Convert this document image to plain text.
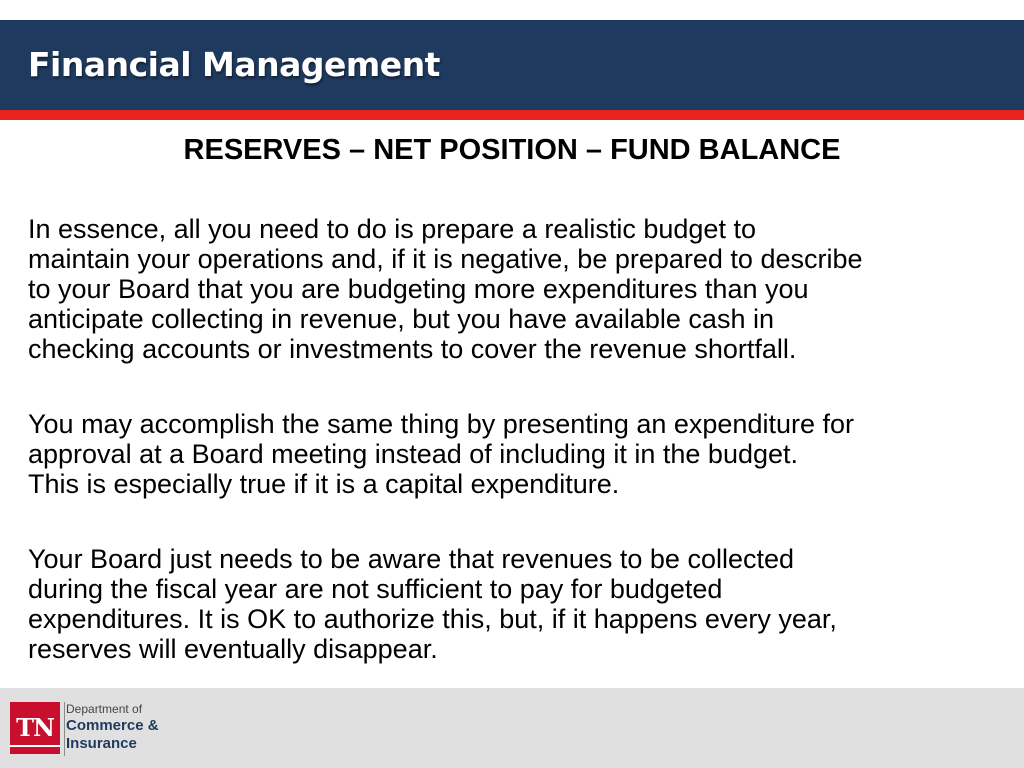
Financial Management
RESERVES – NET POSITION – FUND BALANCE
In essence, all you need to do is prepare a realistic budget to
maintain your operations and, if it is negative, be prepared to describe
to your Board that you are budgeting more expenditures than you
anticipate collecting in revenue, but you have available cash in
checking accounts or investments to cover the revenue shortfall.
You may accomplish the same thing by presenting an expenditure for
approval at a Board meeting instead of including it in the budget.
This is especially true if it is a capital expenditure.
Your Board just needs to be aware that revenues to be collected
during the fiscal year are not sufficient to pay for budgeted
expenditures. It is OK to authorize this, but, if it happens every year,
reserves will eventually disappear.
TN
Department of
Commerce &
Insurance
